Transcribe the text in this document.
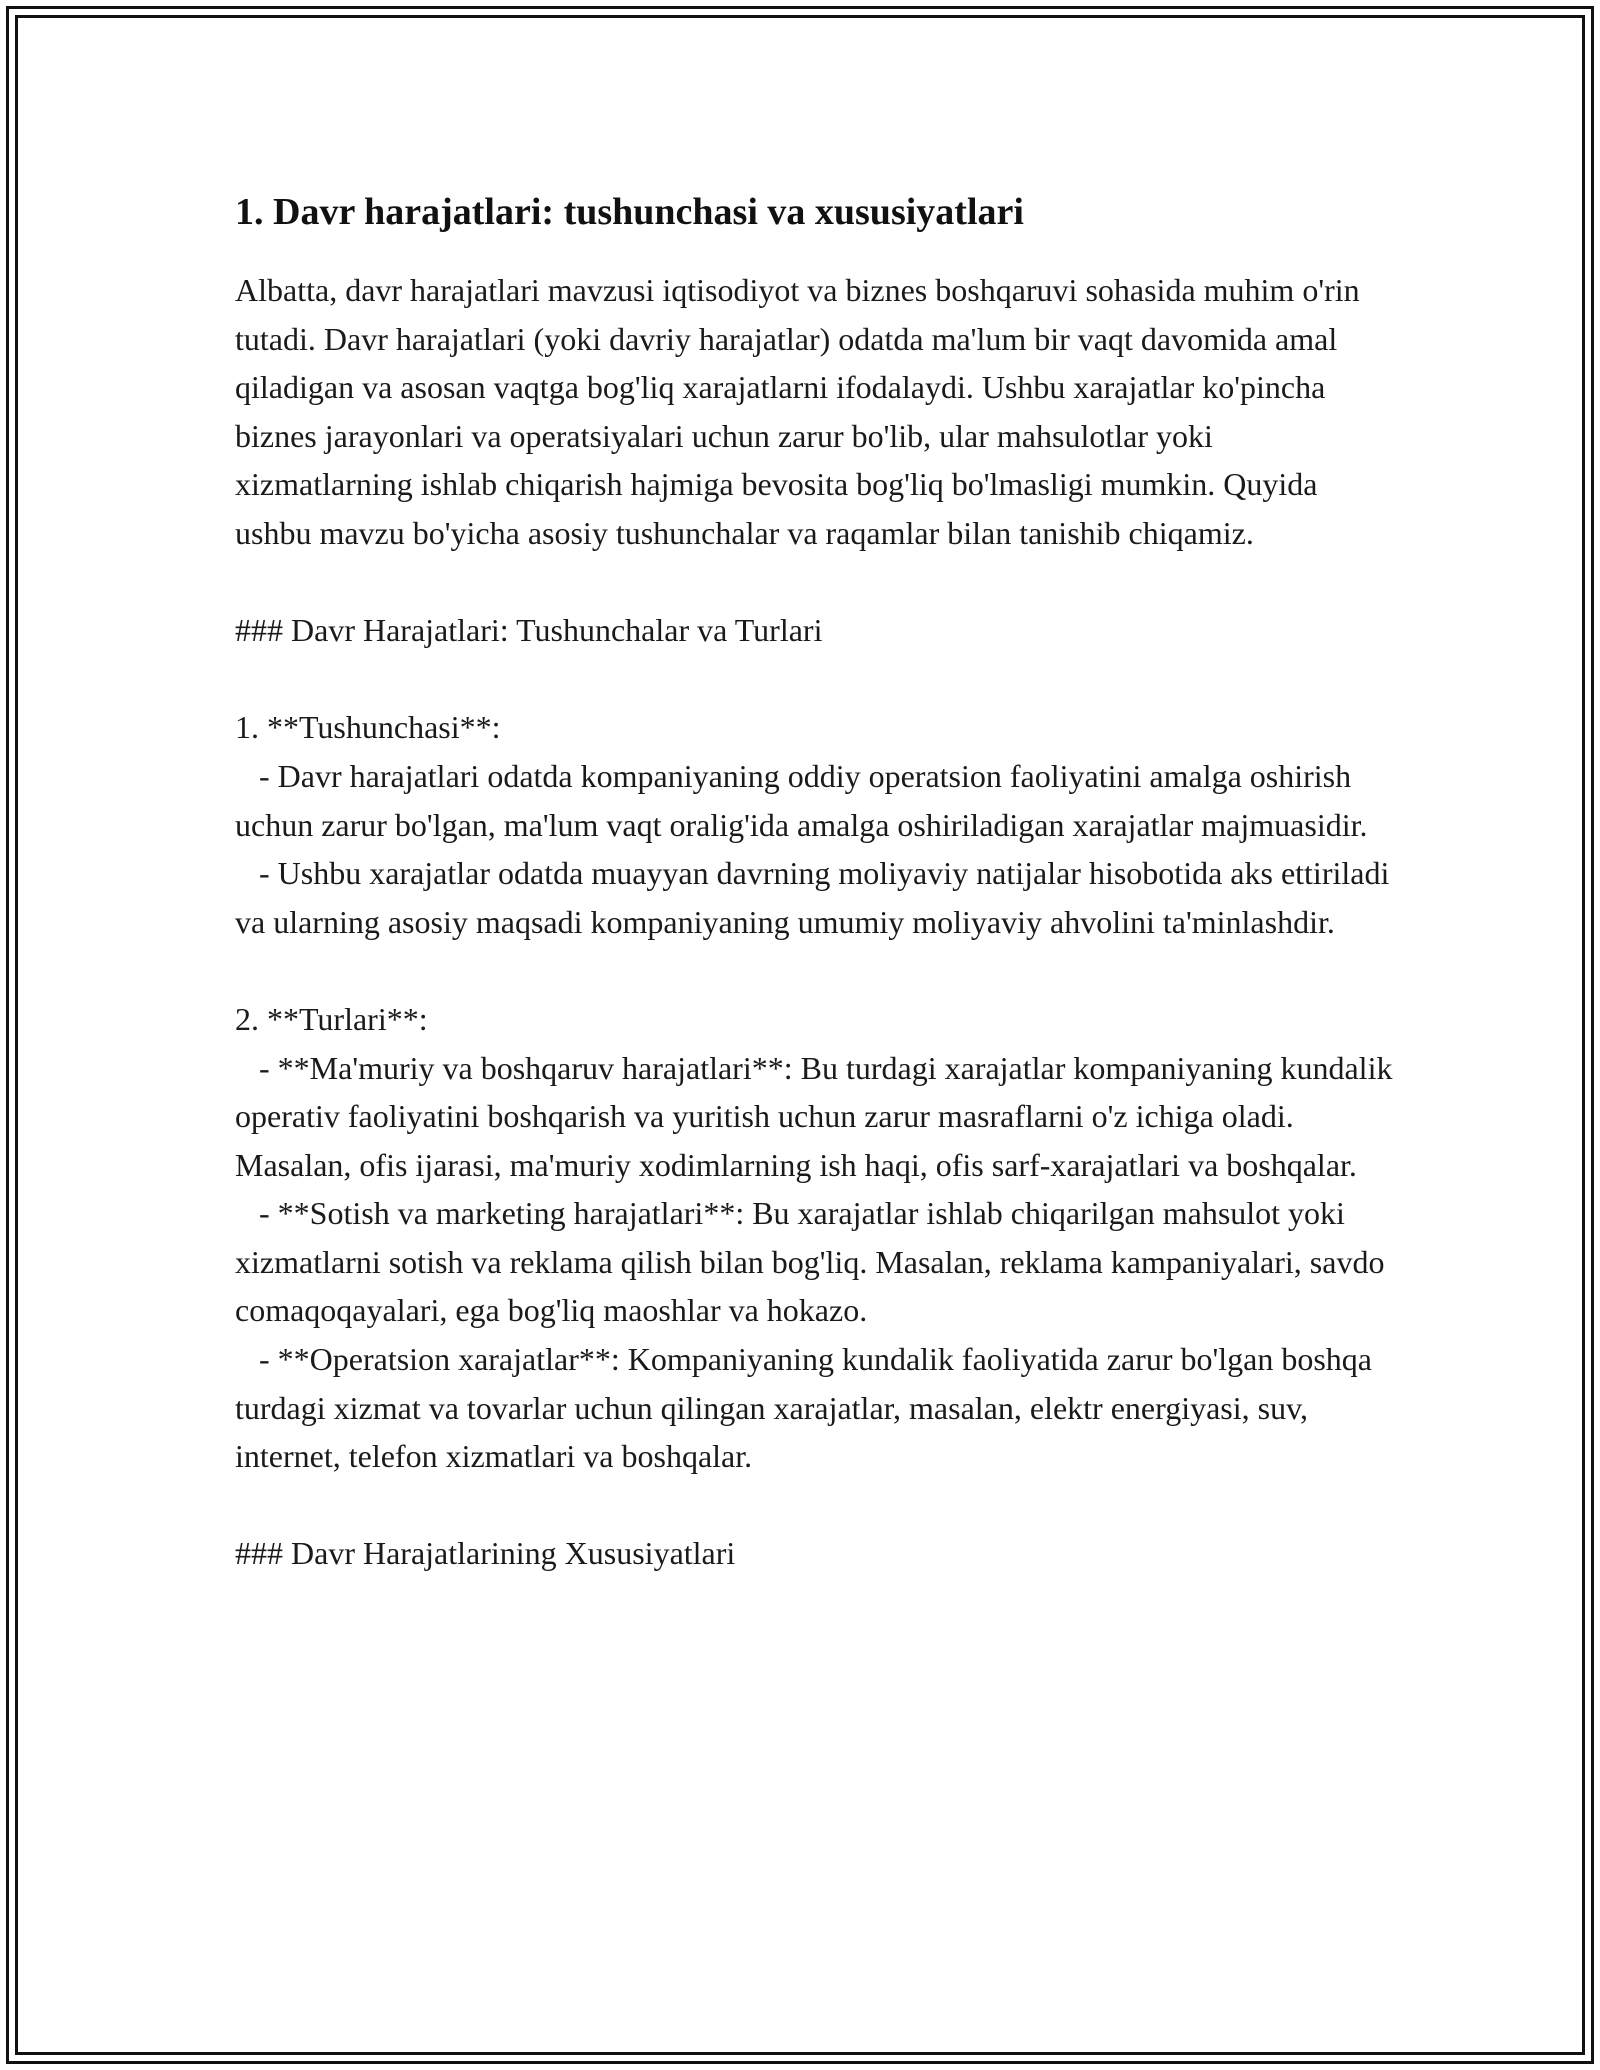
1. Davr harajatlari: tushunchasi va xususiyatlari

Albatta, davr harajatlari mavzusi iqtisodiyot va biznes boshqaruvi sohasida muhim o'rin tutadi. Davr harajatlari (yoki davriy harajatlar) odatda ma'lum bir vaqt davomida amal qiladigan va asosan vaqtga bog'liq xarajatlarni ifodalaydi. Ushbu xarajatlar ko'pincha biznes jarayonlari va operatsiyalari uchun zarur bo'lib, ular mahsulotlar yoki xizmatlarning ishlab chiqarish hajmiga bevosita bog'liq bo'lmasligi mumkin. Quyida ushbu mavzu bo'yicha asosiy tushunchalar va raqamlar bilan tanishib chiqamiz.

### Davr Harajatlari: Tushunchalar va Turlari

1. **Tushunchasi**:
- Davr harajatlari odatda kompaniyaning oddiy operatsion faoliyatini amalga oshirish uchun zarur bo'lgan, ma'lum vaqt oralig'ida amalga oshiriladigan xarajatlar majmuasidir.
- Ushbu xarajatlar odatda muayyan davrning moliyaviy natijalar hisobotida aks ettiriladi va ularning asosiy maqsadi kompaniyaning umumiy moliyaviy ahvolini ta'minlashdir.

2. **Turlari**:
- **Ma'muriy va boshqaruv harajatlari**: Bu turdagi xarajatlar kompaniyaning kundalik operativ faoliyatini boshqarish va yuritish uchun zarur masraflarni o'z ichiga oladi. Masalan, ofis ijarasi, ma'muriy xodimlarning ish haqi, ofis sarf-xarajatlari va boshqalar.
- **Sotish va marketing harajatlari**: Bu xarajatlar ishlab chiqarilgan mahsulot yoki xizmatlarni sotish va reklama qilish bilan bog'liq. Masalan, reklama kampaniyalari, savdo comaqoqayalari, ega bog'liq maoshlar va hokazo.
- **Operatsion xarajatlar**: Kompaniyaning kundalik faoliyatida zarur bo'lgan boshqa turdagi xizmat va tovarlar uchun qilingan xarajatlar, masalan, elektr energiyasi, suv, internet, telefon xizmatlari va boshqalar.

### Davr Harajatlarining Xususiyatlari
